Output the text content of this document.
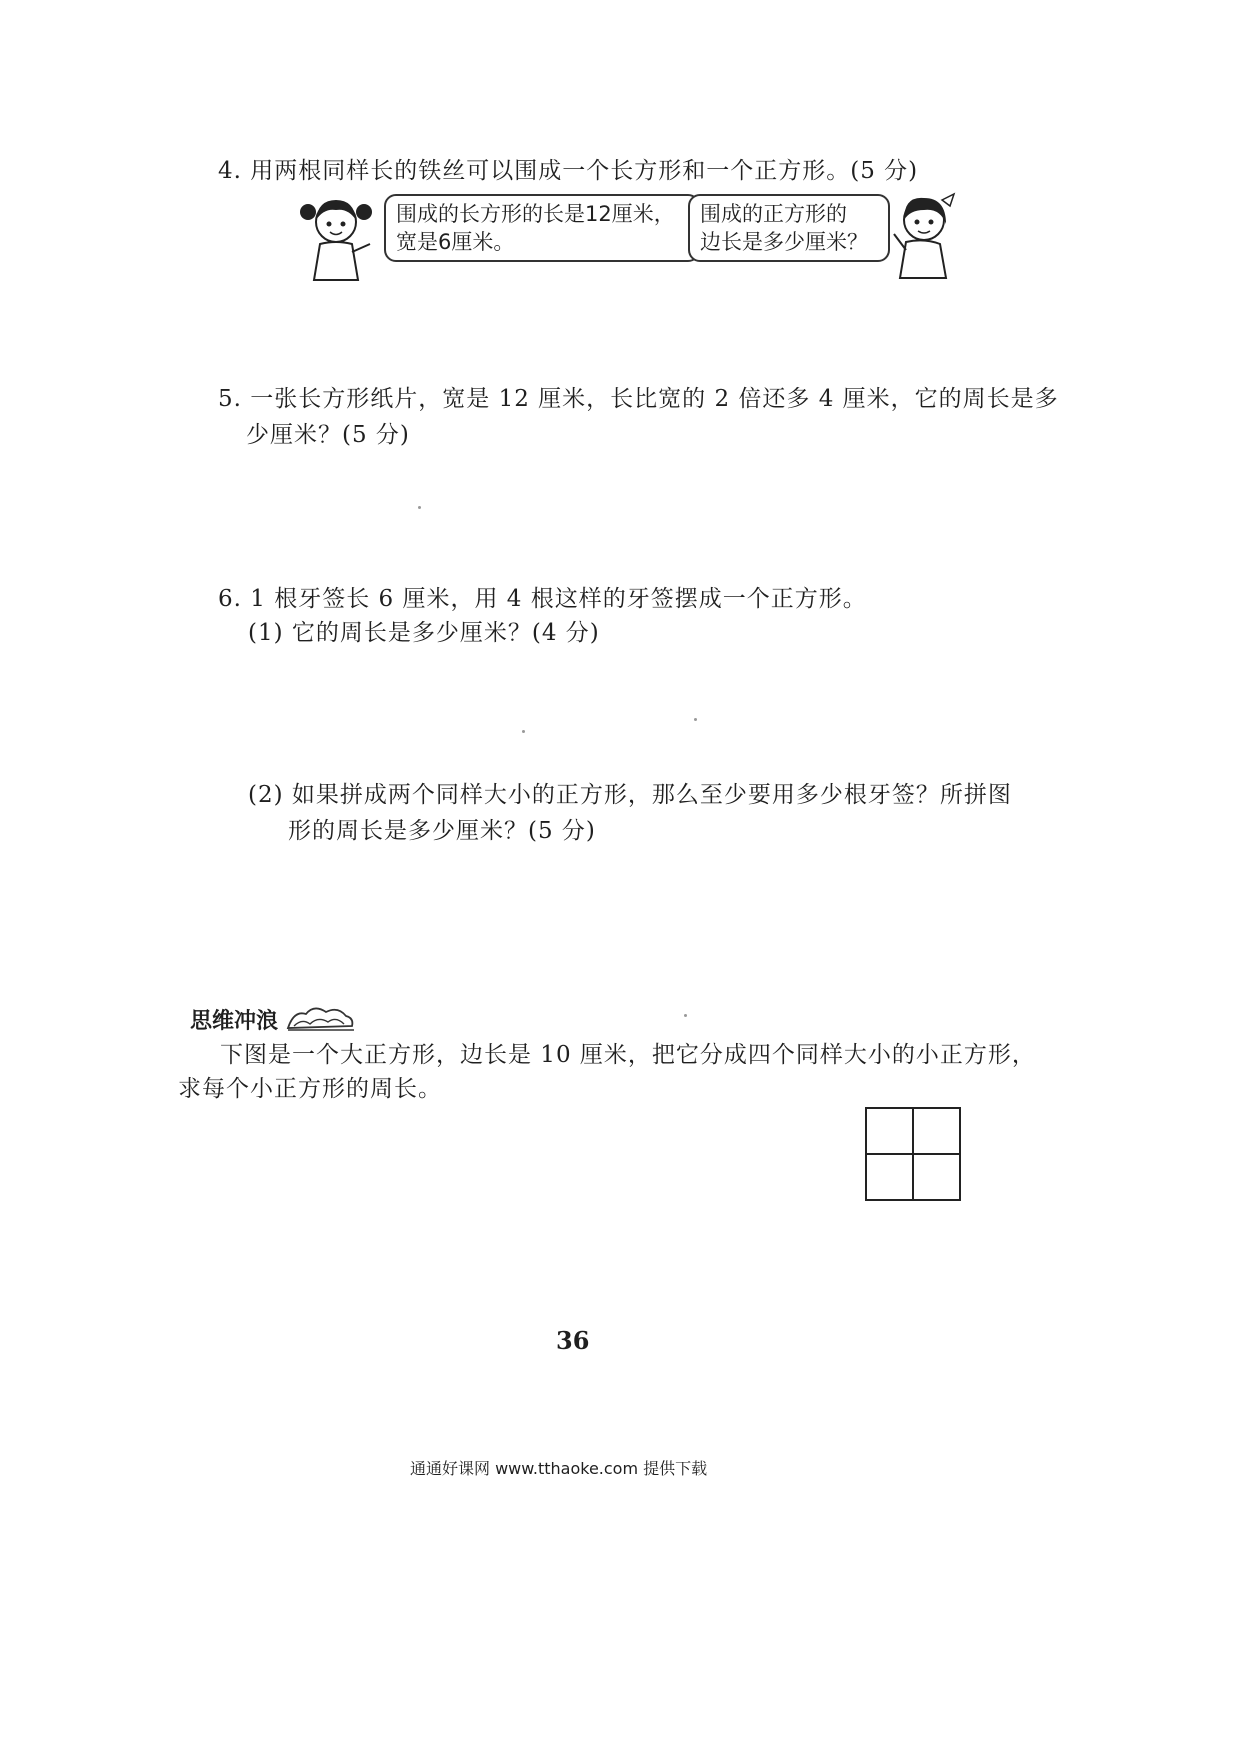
4. 用两根同样长的铁丝可以围成一个长方形和一个正方形。(5 分)
围成的长方形的长是12厘米，
宽是6厘米。
围成的正方形的
边长是多少厘米？
5. 一张长方形纸片，宽是 12 厘米，长比宽的 2 倍还多 4 厘米，它的周长是多
少厘米？(5 分)
6. 1 根牙签长 6 厘米，用 4 根这样的牙签摆成一个正方形。
(1) 它的周长是多少厘米？(4 分)
(2) 如果拼成两个同样大小的正方形，那么至少要用多少根牙签？所拼图
形的周长是多少厘米？(5 分)
思维冲浪
下图是一个大正方形，边长是 10 厘米，把它分成四个同样大小的小正方形，
求每个小正方形的周长。
36
通通好课网 www.tthaoke.com 提供下载
